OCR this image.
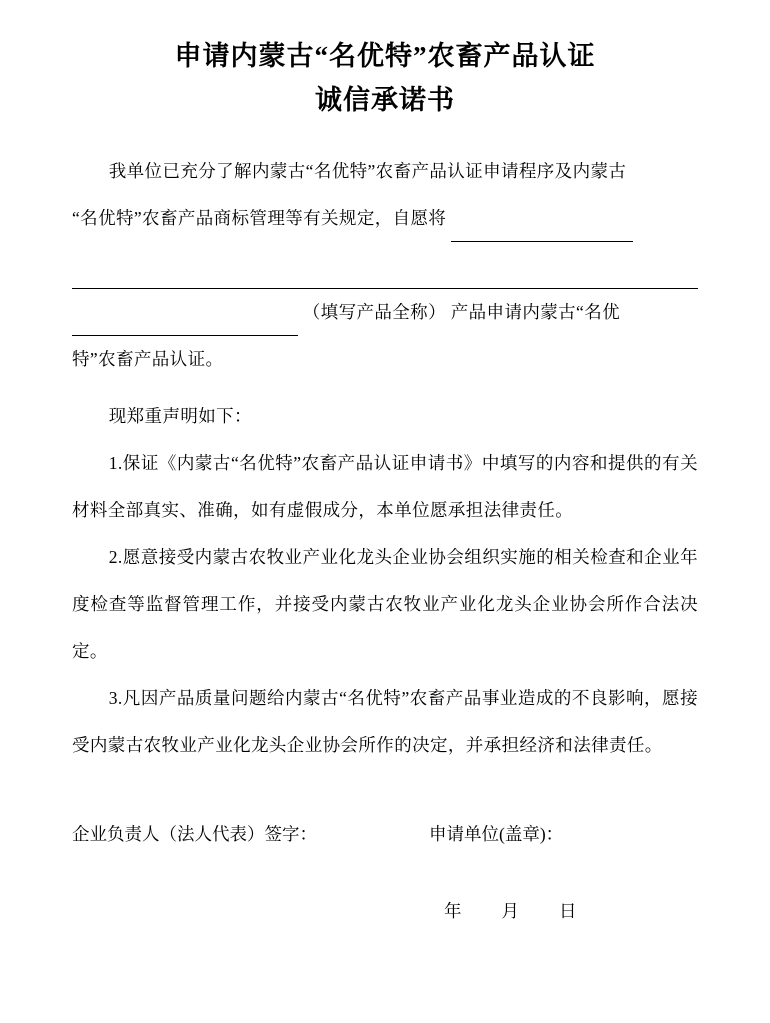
申请内蒙古“名优特”农畜产品认证
诚信承诺书

我单位已充分了解内蒙古“名优特”农畜产品认证申请程序及内蒙古

“名优特”农畜产品商标管理等有关规定，自愿将

（填写产品全称） 产品申请内蒙古“名优

特”农畜产品认证。

现郑重声明如下：

1.保证《内蒙古“名优特”农畜产品认证申请书》中填写的内容和提供的有关材料全部真实、准确，如有虚假成分，本单位愿承担法律责任。

2.愿意接受内蒙古农牧业产业化龙头企业协会组织实施的相关检查和企业年度检查等监督管理工作，并接受内蒙古农牧业产业化龙头企业协会所作合法决定。

3.凡因产品质量问题给内蒙古“名优特”农畜产品事业造成的不良影响，愿接受内蒙古农牧业产业化龙头企业协会所作的决定，并承担经济和法律责任。

企业负责人（法人代表）签字：	申请单位(盖章)：
年 月 日
